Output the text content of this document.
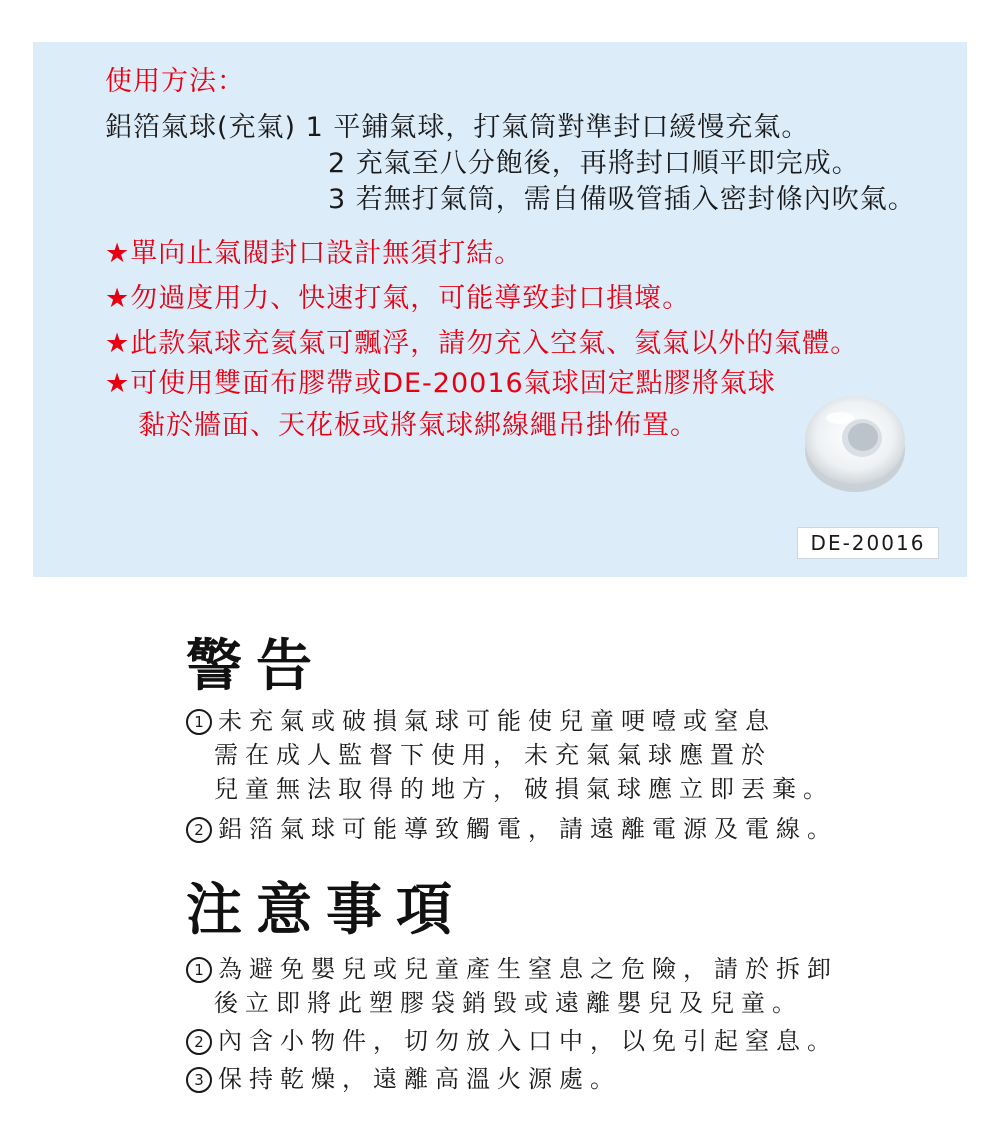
使用方法：
鋁箔氣球(充氣) 1 平鋪氣球，打氣筒對準封口緩慢充氣。
2 充氣至八分飽後，再將封口順平即完成。
3 若無打氣筒，需自備吸管插入密封條內吹氣。
★單向止氣閥封口設計無須打結。
★勿過度用力、快速打氣，可能導致封口損壞。
★此款氣球充氦氣可飄浮，請勿充入空氣、氦氣以外的氣體。
★可使用雙面布膠帶或DE-20016氣球固定點膠將氣球
黏於牆面、天花板或將氣球綁線繩吊掛佈置。
DE-20016
警告
1 未充氣或破損氣球可能使兒童哽噎或窒息
需在成人監督下使用，未充氣氣球應置於
兒童無法取得的地方，破損氣球應立即丟棄。
2 鋁箔氣球可能導致觸電，請遠離電源及電線。
注意事項
1 為避免嬰兒或兒童產生窒息之危險，請於拆卸
後立即將此塑膠袋銷毀或遠離嬰兒及兒童。
2 內含小物件，切勿放入口中，以免引起窒息。
3 保持乾燥，遠離高溫火源處。
